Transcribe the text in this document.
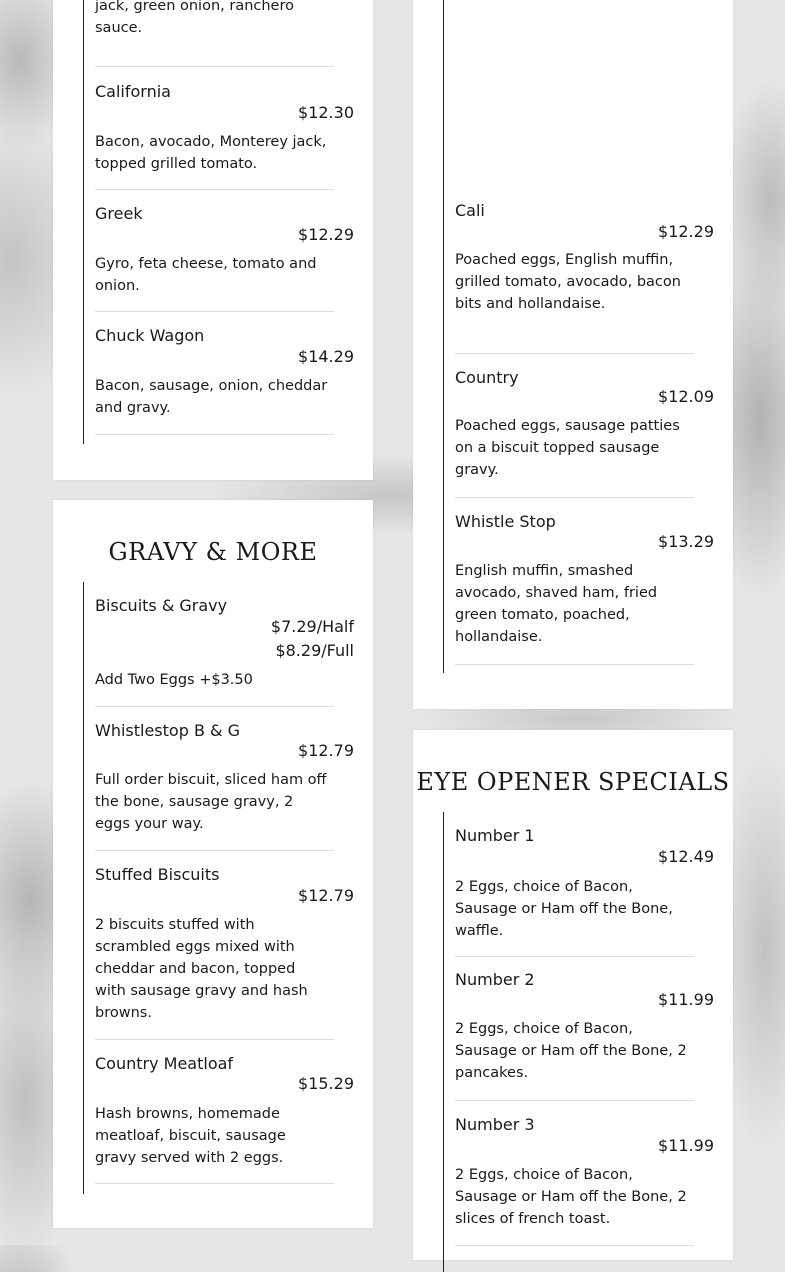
jack, green onion, ranchero sauce.
California
$12.30
Bacon, avocado, Monterey jack, topped grilled tomato.
Greek
$12.29
Gyro, feta cheese, tomato and onion.
Chuck Wagon
$14.29
Bacon, sausage, onion, cheddar and gravy.
GRAVY & MORE
Biscuits & Gravy
$7.29/Half
$8.29/Full
Add Two Eggs +$3.50
Whistlestop B & G
$12.79
Full order biscuit, sliced ham off the bone, sausage gravy, 2 eggs your way.
Stuffed Biscuits
$12.79
2 biscuits stuffed with scrambled eggs mixed with cheddar and bacon, topped with sausage gravy and hash browns.
Country Meatloaf
$15.29
Hash browns, homemade meatloaf, biscuit, sausage gravy served with 2 eggs.
Cali
$12.29
Poached eggs, English muffin, grilled tomato, avocado, bacon bits and hollandaise.
Country
$12.09
Poached eggs, sausage patties on a biscuit topped sausage gravy.
Whistle Stop
$13.29
English muffin, smashed avocado, shaved ham, fried green tomato, poached, hollandaise.
EYE OPENER SPECIALS
Number 1
$12.49
2 Eggs, choice of Bacon, Sausage or Ham off the Bone, waffle.
Number 2
$11.99
2 Eggs, choice of Bacon, Sausage or Ham off the Bone, 2 pancakes.
Number 3
$11.99
2 Eggs, choice of Bacon, Sausage or Ham off the Bone, 2 slices of french toast.
